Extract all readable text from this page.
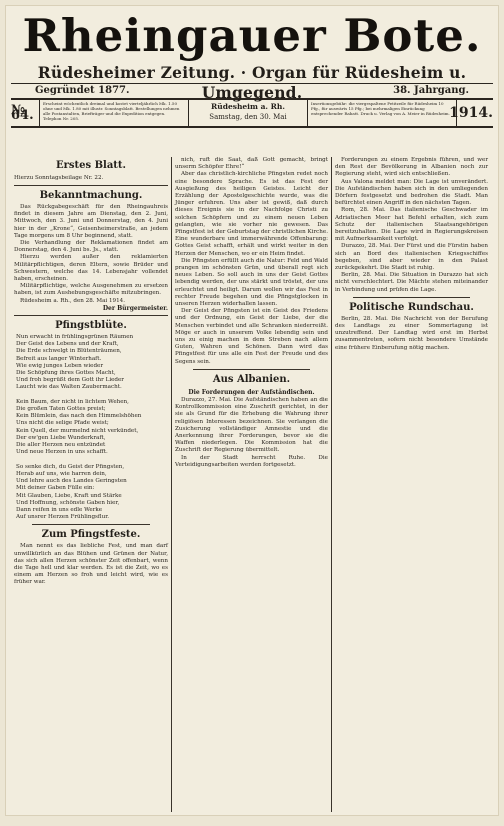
Rheingauer Bote.
Rüdesheimer Zeitung. · Organ für Rüdesheim u. Umgegend.
Gegründet 1877.	38. Jahrgang.
№ 64.
Erscheint wöchentlich dreimal und kostet vierteljährlich Mk. 1.50 ohne und Mk. 1.80 mit illustr. Sonntagsblatt. Bestellungen nehmen alle Postanstalten, Briefträger und die Expedition entgegen. Telephon Nr. 205.
Rüdesheim a. Rh.
Samstag, den 30. Mai
Insertionsgebühr: die viergespaltene Petitzeile für Rüdesheim 10 Pfg., für auswärts 15 Pfg.; bei mehrmaligen Einrückung entsprechender Rabatt. Druck u. Verlag von A. Meier in Rüdesheim. 1914.
Erstes Blatt.
Hierzu Sonntagsbeilage Nr. 22.
Bekanntmachung.

Das Rückgabegeschäft für den Rheingauhreis findet in diesem Jahre am Dienstag, den 2. Juni, Mittwoch, den 3. Juni und Donnerstag, den 4. Juni hier in der „Krone“, Geisenheimerstraße, an jedem Tage morgens um 8 Uhr beginnend, statt.

Die Verhandlung der Reklamationen findet am Donnerstag, den 4. Juni bs. Js., statt.

Hierzu werden außer den reklamierten Militärpflichtigen, deren Eltern, sowie Brüder und Schwestern, welche das 14. Lebensjahr vollendet haben, erscheinen.

Militärpflichtige, welche Ausgenehmen zu ersetzen haben, ist zum Aushebungsgeschäfte mitzubringen.

Rüdesheim a. Rh., den 28. Mai 1914.

Der Bürgermeister.
Pfingstblüte.
Nun erwacht in frühlingsgrünen Räumen
Der Geist des Lebens und der Kraft,
Die Erde schwelgt in Blütenträumen,
Befreit aus langer Winterhaft.
Wie ewig junges Leben wieder
Die Schöpfung ihres Gottes Macht,
Und froh begrüßt dem Gott ihr Lieder
Laucht wie das Walten Zaubermacht.

Kein Baum, der nicht in lichtem Wehen,
Die großen Taten Gottes preist;
Kein Blümlein, das nach den Himmelshöhen
Uns nicht die selige Pfade weist;
Kein Quell, der murmelnd nicht verkündet,
Der ew'gen Liebe Wunderkraft,
Die aller Herzen neu entzündet
Und neue Herzen in uns schafft.

So senke dich, du Geist der Pfingsten,
Herab auf uns, wie harren dein,
Und lehre auch des Landes Geringsten
Mit deiner Gaben Fülle ein:
Mit Glauben, Liebe, Kraft und Stärke
Und Hoffnung, schönste Gaben hier,
Dann reifen in uns edle Werke
Auf unsrer Herzen Frühlingsflur.
Zum Pfingstfeste.

Man nennt es das liebliche Fest, und man darf unwillkürlich an das Blühen und Grünen der Natur, das sich allen Herzen schönster Zeit offenbart, wenn die Tage hell und klar werden. Es ist die Zeit, wo es einem am Herzen so froh und leicht wird, wie es früher war.

nich, ruft die Saat, daß Gott gemacht, bringt unserm Schöpfer Ehre!“

Aber das christlich-kirchliche Pfingsten redet noch eine besondere Sprache. Es ist das Fest der Ausgießung des heiligen Geistes. Leicht der Erzählung der Apostelgeschichte wurde, was die Jünger erfuhren. Uns aber ist gewiß, daß durch dieses Ereignis sie in der Nachfolge Christi zu solchen Schöpfern und zu einem neuen Leben gelangten, wie sie vorher nie gewesen. Das Pfingstfest ist der Geburtstag der christlichen Kirche. Eine wunderbare und immerwährende Offenbarung: Gottes Geist schafft, erhält und wirkt weiter in den Herzen der Menschen, wo er ein Heim findet.

Die Pfingsten erfüllt auch die Natur: Feld und Wald prangen im schönsten Grün, und überall regt sich neues Leben. So soll auch in uns der Geist Gottes lebendig werden, der uns stärkt und tröstet, der uns erleuchtet und heiligt. Darum wollen wir das Fest in rechter Freude begehen und die Pfingstglocken in unseren Herzen widerhallen lassen.

Der Geist der Pfingsten ist ein Geist des Friedens und der Ordnung, ein Geist der Liebe, der die Menschen verbindet und alle Schranken niederreißt. Möge er auch in unserem Volke lebendig sein und uns zu einig machen in dem Streben nach allem Guten, Wahren und Schönen. Dann wird das Pfingstfest für uns alle ein Fest der Freude und des Segens sein.

Aus Albanien.
Die Forderungen der Aufständischen.

Durazzo, 27. Mai. Die Aufständischen haben an die Kontrollkommission eine Zuschrift gerichtet, in der sie als Grund für die Erhebung die Wahrung ihrer religiösen Interessen bezeichnen. Sie verlangen die Zusicherung vollständiger Amnestie und die Anerkennung ihrer Forderungen, bevor sie die Waffen niederlegen. Die Kommission hat die Zuschrift der Regierung übermittelt.

In der Stadt herrscht Ruhe. Die Verteidigungsarbeiten werden fortgesetzt.

Forderungen zu einem Ergebnis führen, und wer den Rest der Bevölkerung in Albanien noch zur Regierung steht, wird sich entschließen.

Aus Valona meldet man: Die Lage ist unverändert. Die Aufständischen haben sich in den umliegenden Dörfern festgesetzt und bedrohen die Stadt. Man befürchtet einen Angriff in den nächsten Tagen.

Rom, 28. Mai. Das italienische Geschwader im Adriatischen Meer hat Befehl erhalten, sich zum Schutz der italienischen Staatsangehörigen bereitzuhalten. Die Lage wird in Regierungskreisen mit Aufmerksamkeit verfolgt.

Durazzo, 28. Mai. Der Fürst und die Fürstin haben sich an Bord des italienischen Kriegsschiffes begeben, sind aber wieder in den Palast zurückgekehrt. Die Stadt ist ruhig.

Berlin, 28. Mai. Die Situation in Durazzo hat sich nicht verschlechtert. Die Mächte stehen miteinander in Verbindung und prüfen die Lage.

Politische Rundschau.

Berlin, 28. Mai. Die Nachricht von der Berufung des Landtags zu einer Sommertagung ist unzutreffend. Der Landtag wird erst im Herbst zusammentreten, sofern nicht besondere Umstände eine frühere Einberufung nötig machen.
